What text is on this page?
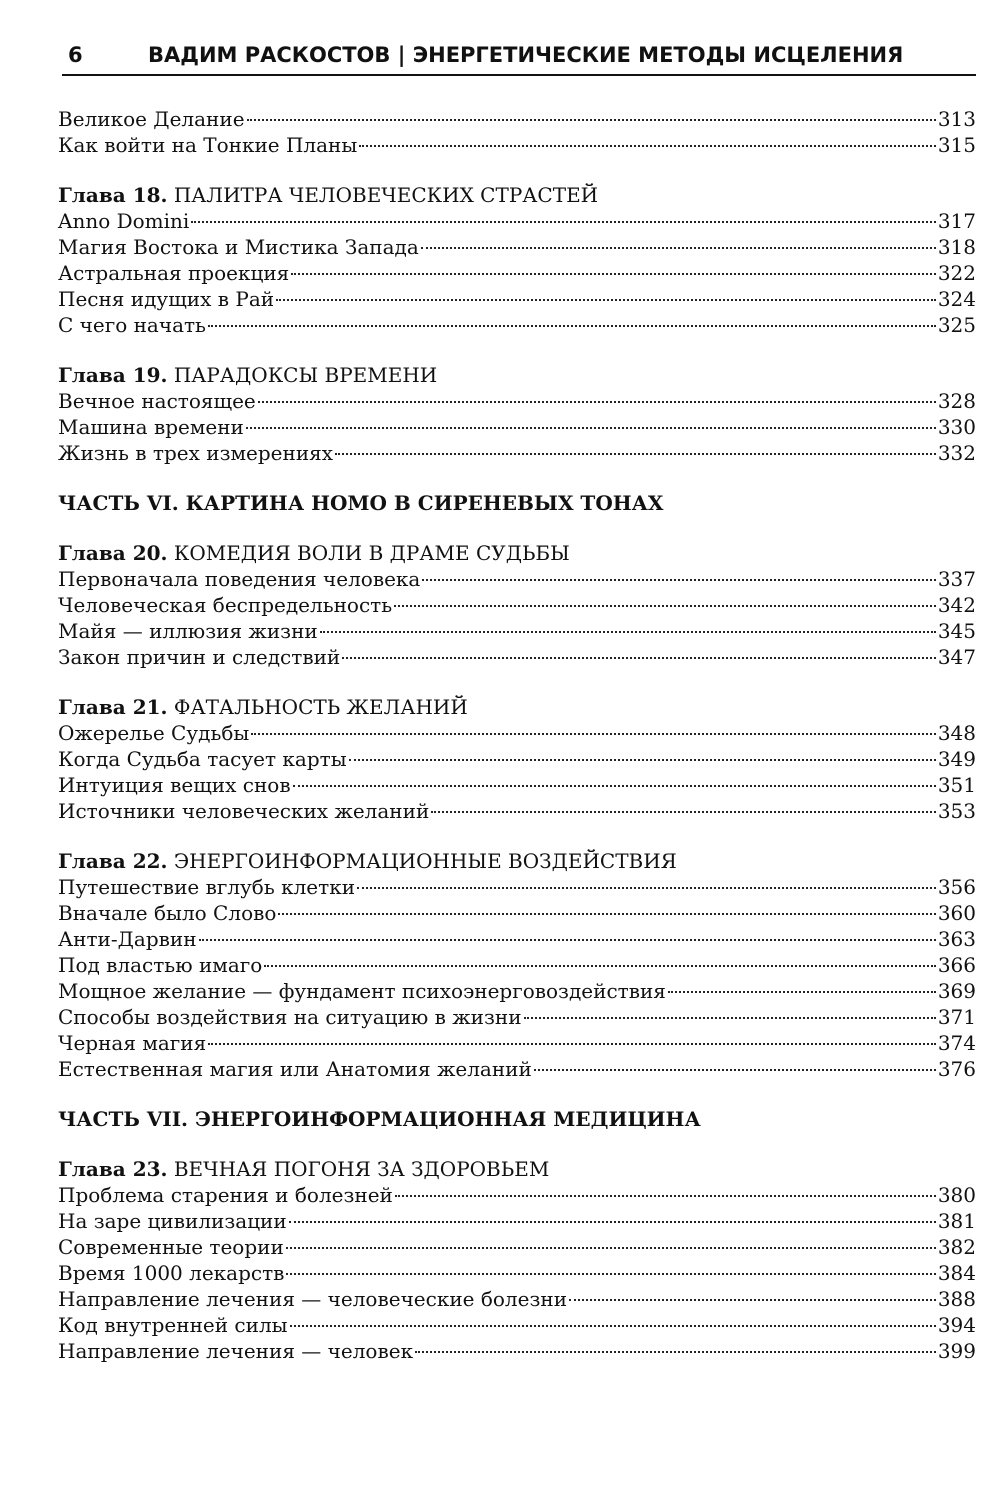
6	ВАДИМ РАСКОСТОВ | ЭНЕРГЕТИЧЕСКИЕ МЕТОДЫ ИСЦЕЛЕНИЯ
Великое Делание	313
Как войти на Тонкие Планы	315
Глава 18. ПАЛИТРА ЧЕЛОВЕЧЕСКИХ СТРАСТЕЙ
Anno Domini	317
Магия Востока и Мистика Запада	318
Астральная проекция	322
Песня идущих в Рай	324
С чего начать	325
Глава 19. ПАРАДОКСЫ ВРЕМЕНИ
Вечное настоящее	328
Машина времени	330
Жизнь в трех измерениях	332
ЧАСТЬ VI. КАРТИНА HOMO В СИРЕНЕВЫХ ТОНАХ
Глава 20. КОМЕДИЯ ВОЛИ В ДРАМЕ СУДЬБЫ
Первоначала поведения человека	337
Человеческая беспредельность	342
Майя — иллюзия жизни	345
Закон причин и следствий	347
Глава 21. ФАТАЛЬНОСТЬ ЖЕЛАНИЙ
Ожерелье Судьбы	348
Когда Судьба тасует карты	349
Интуиция вещих снов	351
Источники человеческих желаний	353
Глава 22. ЭНЕРГОИНФОРМАЦИОННЫЕ ВОЗДЕЙСТВИЯ
Путешествие вглубь клетки	356
Вначале было Слово	360
Анти-Дарвин	363
Под властью имаго	366
Мощное желание — фундамент психоэнерговоздействия	369
Способы воздействия на ситуацию в жизни	371
Черная магия	374
Естественная магия или Анатомия желаний	376
ЧАСТЬ VII. ЭНЕРГОИНФОРМАЦИОННАЯ МЕДИЦИНА
Глава 23. ВЕЧНАЯ ПОГОНЯ ЗА ЗДОРОВЬЕМ
Проблема старения и болезней	380
На заре цивилизации	381
Современные теории	382
Время 1000 лекарств	384
Направление лечения — человеческие болезни	388
Код внутренней силы	394
Направление лечения — человек	399
